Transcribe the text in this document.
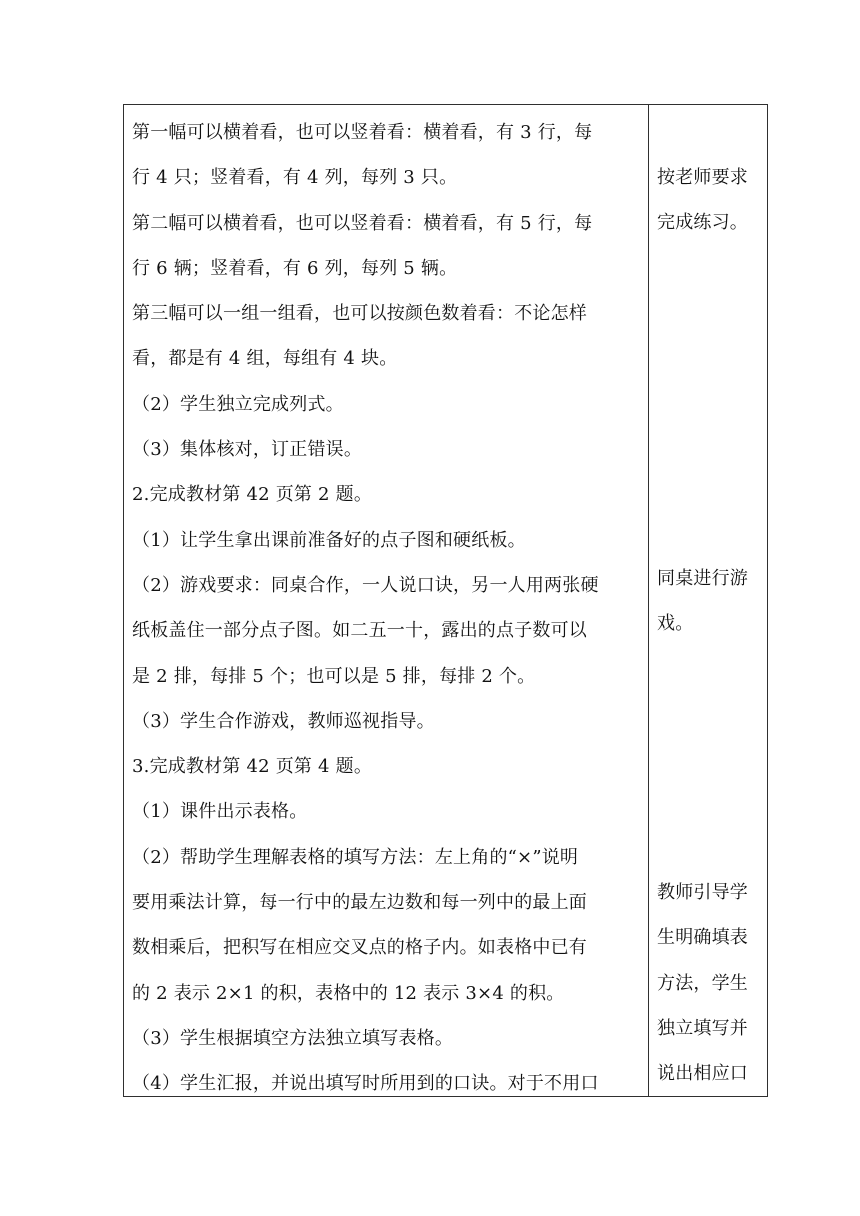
第一幅可以横着看，也可以竖着看：横着看，有 3 行，每
行 4 只；竖着看，有 4 列，每列 3 只。
第二幅可以横着看，也可以竖着看：横着看，有 5 行，每
行 6 辆；竖着看，有 6 列，每列 5 辆。
第三幅可以一组一组看，也可以按颜色数着看：不论怎样
看，都是有 4 组，每组有 4 块。
（2）学生独立完成列式。
（3）集体核对，订正错误。
2.完成教材第 42 页第 2 题。
（1）让学生拿出课前准备好的点子图和硬纸板。
（2）游戏要求：同桌合作，一人说口诀，另一人用两张硬
纸板盖住一部分点子图。如二五一十，露出的点子数可以
是 2 排，每排 5 个；也可以是 5 排，每排 2 个。
（3）学生合作游戏，教师巡视指导。
3.完成教材第 42 页第 4 题。
（1）课件出示表格。
（2）帮助学生理解表格的填写方法：左上角的“×”说明
要用乘法计算，每一行中的最左边数和每一列中的最上面
数相乘后，把积写在相应交叉点的格子内。如表格中已有
的 2 表示 2×1 的积，表格中的 12 表示 3×4 的积。
（3）学生根据填空方法独立填写表格。
（4）学生汇报，并说出填写时所用到的口诀。对于不用口
按老师要求
完成练习。
同桌进行游
戏。
教师引导学
生明确填表
方法，学生
独立填写并
说出相应口
